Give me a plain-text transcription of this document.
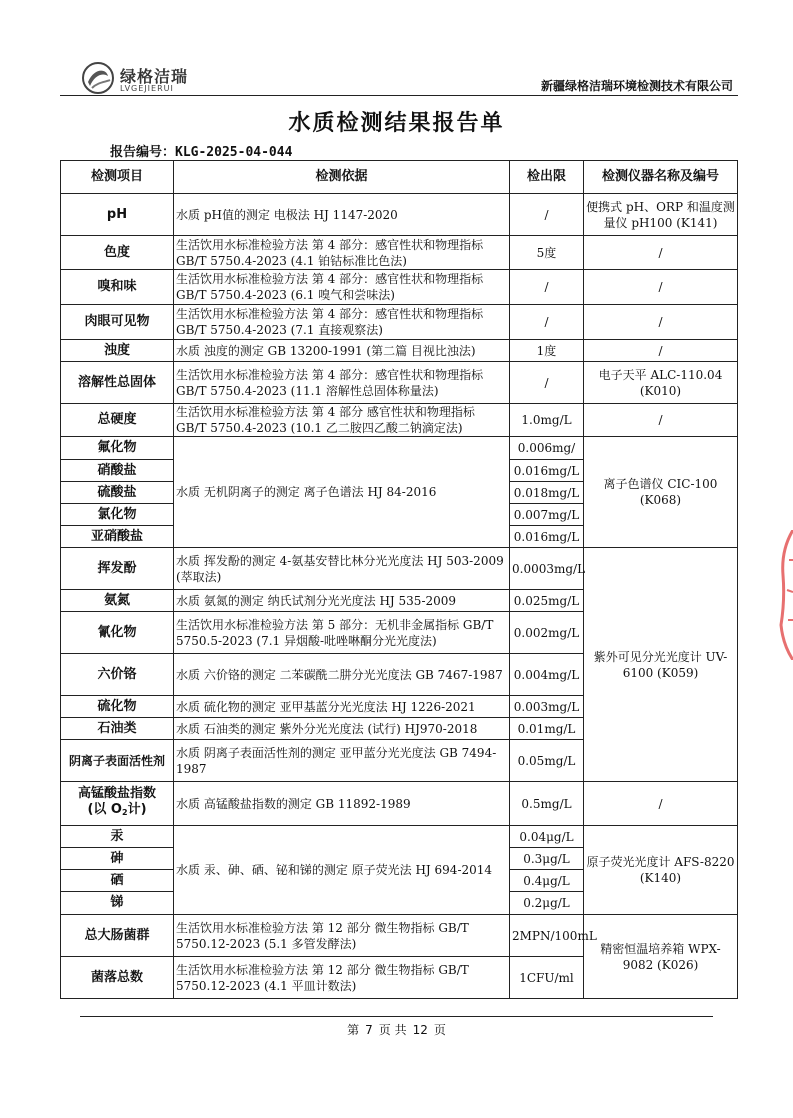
绿格洁瑞
LVGEJIERUI	新疆绿格洁瑞环境检测技术有限公司
水质检测结果报告单
报告编号：KLG-2025-04-044
检测项目	检测依据	检出限	检测仪器名称及编号
pH	水质 pH值的测定 电极法 HJ 1147-2020	/	便携式 pH、ORP 和温度测量仪 pH100 (K141)
色度	生活饮用水标准检验方法 第 4 部分：感官性状和物理指标 GB/T 5750.4-2023 (4.1 铂钴标准比色法)	5度	/
嗅和味	生活饮用水标准检验方法 第 4 部分：感官性状和物理指标 GB/T 5750.4-2023 (6.1 嗅气和尝味法)	/	/
肉眼可见物	生活饮用水标准检验方法 第 4 部分：感官性状和物理指标 GB/T 5750.4-2023 (7.1 直接观察法)	/	/
浊度	水质 浊度的测定 GB 13200-1991 (第二篇 目视比浊法)	1度	/
溶解性总固体	生活饮用水标准检验方法 第 4 部分：感官性状和物理指标 GB/T 5750.4-2023 (11.1 溶解性总固体称量法)	/	电子天平 ALC-110.04 (K010)
总硬度	生活饮用水标准检验方法 第 4 部分 感官性状和物理指标 GB/T 5750.4-2023 (10.1 乙二胺四乙酸二钠滴定法)	1.0mg/L	/
氟化物	水质 无机阴离子的测定 离子色谱法 HJ 84-2016	0.006mg/	离子色谱仪 CIC-100 (K068)
硝酸盐		0.016mg/L	
硫酸盐		0.018mg/L	
氯化物		0.007mg/L	
亚硝酸盐		0.016mg/L	
挥发酚	水质 挥发酚的测定 4-氨基安替比林分光光度法 HJ 503-2009 (萃取法)	0.0003mg/L	紫外可见分光光度计 UV-6100 (K059)
氨氮	水质 氨氮的测定 纳氏试剂分光光度法 HJ 535-2009	0.025mg/L	
氰化物	生活饮用水标准检验方法 第 5 部分：无机非金属指标 GB/T 5750.5-2023 (7.1 异烟酸-吡唑啉酮分光光度法)	0.002mg/L	
六价铬	水质 六价铬的测定 二苯碳酰二肼分光光度法 GB 7467-1987	0.004mg/L	
硫化物	水质 硫化物的测定 亚甲基蓝分光光度法 HJ 1226-2021	0.003mg/L	
石油类	水质 石油类的测定 紫外分光光度法 (试行) HJ970-2018	0.01mg/L	
阴离子表面活性剂	水质 阴离子表面活性剂的测定 亚甲蓝分光光度法 GB 7494-1987	0.05mg/L	

高锰酸盐指数
(以 $O_2$计)	水质 高锰酸盐指数的测定 GB 11892-1989	0.5mg/L	/
汞	水质 汞、砷、硒、铋和锑的测定 原子荧光法 HJ 694-2014	0.04μg/L	原子荧光光度计 AFS-8220 (K140)
砷		0.3μg/L	
硒		0.4μg/L	
锑		0.2μg/L	
总大肠菌群	生活饮用水标准检验方法 第 12 部分 微生物指标 GB/T 5750.12-2023 (5.1 多管发酵法)	2MPN/100mL	精密恒温培养箱 WPX-9082 (K026)
菌落总数	生活饮用水标准检验方法 第 12 部分 微生物指标 GB/T 5750.12-2023 (4.1 平皿计数法)	1CFU/ml	
第 7 页 共 12 页
